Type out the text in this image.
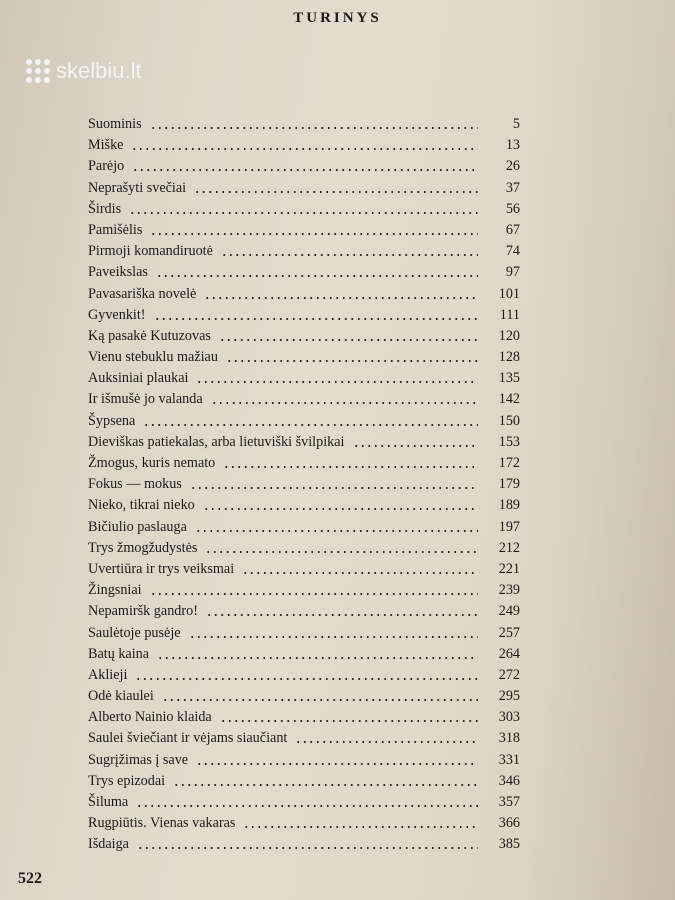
skelbiu.lt
TURINYS
Suominis	5
Miške	13
Parėjo	26
Neprašyti svečiai	37
Širdis	56
Pamišėlis	67
Pirmoji komandiruotė	74
Paveikslas	97
Pavasariška novelė	101
Gyvenkit!	111
Ką pasakė Kutuzovas	120
Vienu stebuklu mažiau	128
Auksiniai plaukai	135
Ir išmušė jo valanda	142
Šypsena	150
Dieviškas patiekalas, arba lietuviški švilpikai	153
Žmogus, kuris nemato	172
Fokus — mokus	179
Nieko, tikrai nieko	189
Bičiulio paslauga	197
Trys žmogžudystės	212
Uvertiūra ir trys veiksmai	221
Žingsniai	239
Nepamiršk gandro!	249
Saulėtoje pusėje	257
Batų kaina	264
Aklieji	272
Odė kiaulei	295
Alberto Nainio klaida	303
Saulei šviečiant ir vėjams siaučiant	318
Sugrįžimas į save	331
Trys epizodai	346
Šiluma	357
Rugpiūtis. Vienas vakaras	366
Išdaiga	385
522
